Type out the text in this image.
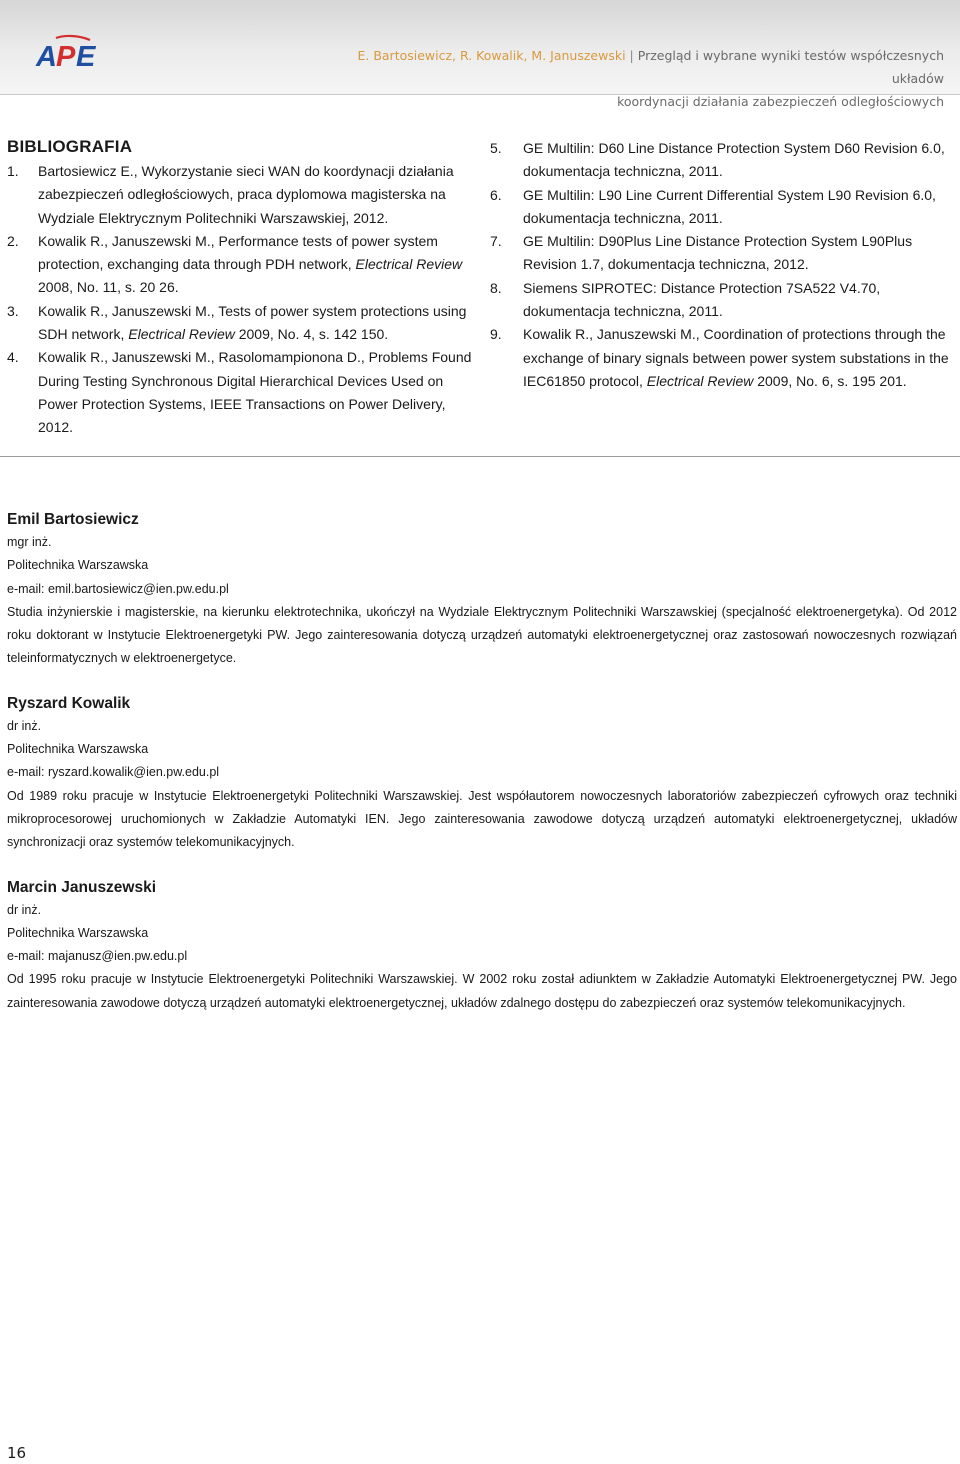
A P E	E. Bartosiewicz, R. Kowalik, M. Januszewski | Przegląd i wybrane wyniki testów współczesnych układów
koordynacji działania zabezpieczeń odległościowych
BIBLIOGRAFIA
1. Bartosiewicz E., Wykorzystanie sieci WAN do koordynacji działania zabezpieczeń odległościowych, praca dyplomowa magisterska na Wydziale Elektrycznym Politechniki Warszawskiej, 2012.
2. Kowalik R., Januszewski M., Performance tests of power system protection, exchanging data through PDH network, Electrical Review 2008, No. 11, s. 20 26.
3. Kowalik R., Januszewski M., Tests of power system protections using SDH network, Electrical Review 2009, No. 4, s. 142 150.
4. Kowalik R., Januszewski M., Rasolomampionona D., Problems Found During Testing Synchronous Digital Hierarchical Devices Used on Power Protection Systems, IEEE Transactions on Power Delivery, 2012.
5. GE Multilin: D60 Line Distance Protection System D60 Revision 6.0, dokumentacja techniczna, 2011.
6. GE Multilin: L90 Line Current Differential System L90 Revision 6.0, dokumentacja techniczna, 2011.
7. GE Multilin: D90Plus Line Distance Protection System L90Plus Revision 1.7, dokumentacja techniczna, 2012.
8. Siemens SIPROTEC: Distance Protection 7SA522 V4.70, dokumentacja techniczna, 2011.
9. Kowalik R., Januszewski M., Coordination of protections through the exchange of binary signals between power system substations in the IEC61850 protocol, Electrical Review 2009, No. 6, s. 195 201.
Emil Bartosiewicz
mgr inż.
Politechnika Warszawska
e-mail: emil.bartosiewicz@ien.pw.edu.pl

Studia inżynierskie i magisterskie, na kierunku elektrotechnika, ukończył na Wydziale Elektrycznym Politechniki Warszawskiej (specjalność elektroenergetyka). Od 2012 roku doktorant w Instytucie Elektroenergetyki PW. Jego zainteresowania dotyczą urządzeń automatyki elektroenergetycznej oraz zastosowań nowoczesnych rozwiązań teleinformatycznych w elektroenergetyce.

Ryszard Kowalik
dr inż.
Politechnika Warszawska
e-mail: ryszard.kowalik@ien.pw.edu.pl

Od 1989 roku pracuje w Instytucie Elektroenergetyki Politechniki Warszawskiej. Jest współautorem nowoczesnych laboratoriów zabezpieczeń cyfrowych oraz techniki mikroprocesorowej uruchomionych w Zakładzie Automatyki IEN. Jego zainteresowania zawodowe dotyczą urządzeń automatyki elektroenergetycznej, układów synchronizacji oraz systemów telekomunikacyjnych.

Marcin Januszewski
dr inż.
Politechnika Warszawska
e-mail: majanusz@ien.pw.edu.pl

Od 1995 roku pracuje w Instytucie Elektroenergetyki Politechniki Warszawskiej. W 2002 roku został adiunktem w Zakładzie Automatyki Elektroenergetycznej PW. Jego zainteresowania zawodowe dotyczą urządzeń automatyki elektroenergetycznej, układów zdalnego dostępu do zabezpieczeń oraz systemów telekomunikacyjnych.

16
